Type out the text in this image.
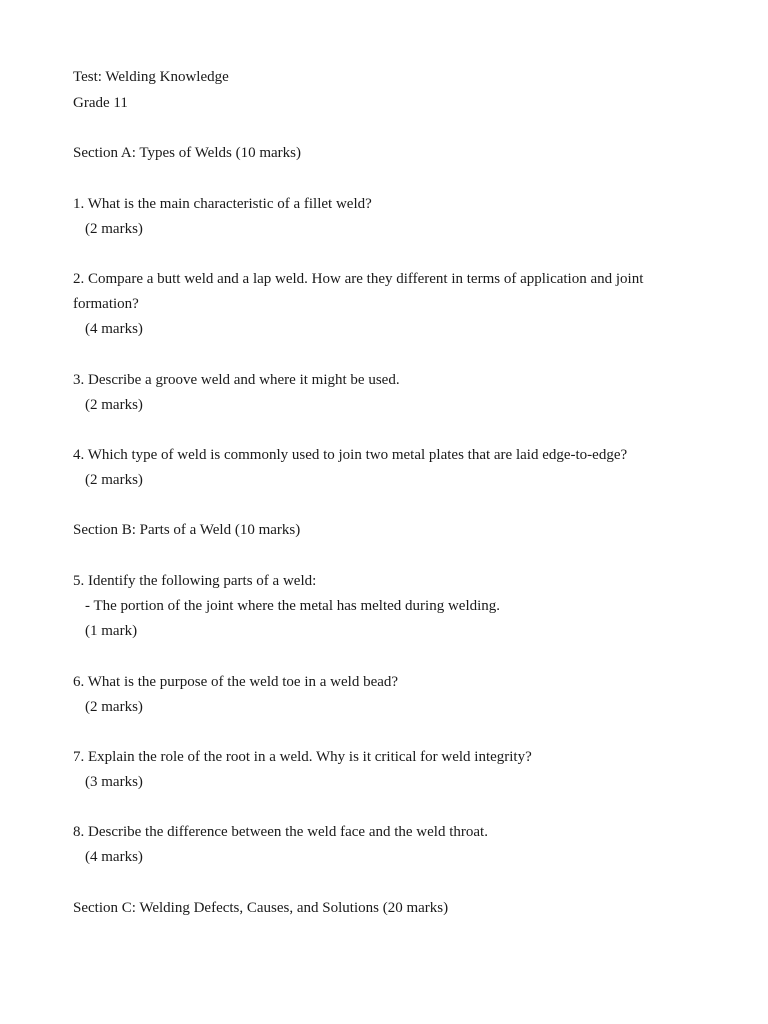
Test: Welding Knowledge
Grade 11
Section A: Types of Welds (10 marks)
1. What is the main characteristic of a fillet weld?
(2 marks)
2. Compare a butt weld and a lap weld. How are they different in terms of application and joint
formation?
(4 marks)
3. Describe a groove weld and where it might be used.
(2 marks)
4. Which type of weld is commonly used to join two metal plates that are laid edge-to-edge?
(2 marks)
Section B: Parts of a Weld (10 marks)
5. Identify the following parts of a weld:
- The portion of the joint where the metal has melted during welding.
(1 mark)
6. What is the purpose of the weld toe in a weld bead?
(2 marks)
7. Explain the role of the root in a weld. Why is it critical for weld integrity?
(3 marks)
8. Describe the difference between the weld face and the weld throat.
(4 marks)
Section C: Welding Defects, Causes, and Solutions (20 marks)
